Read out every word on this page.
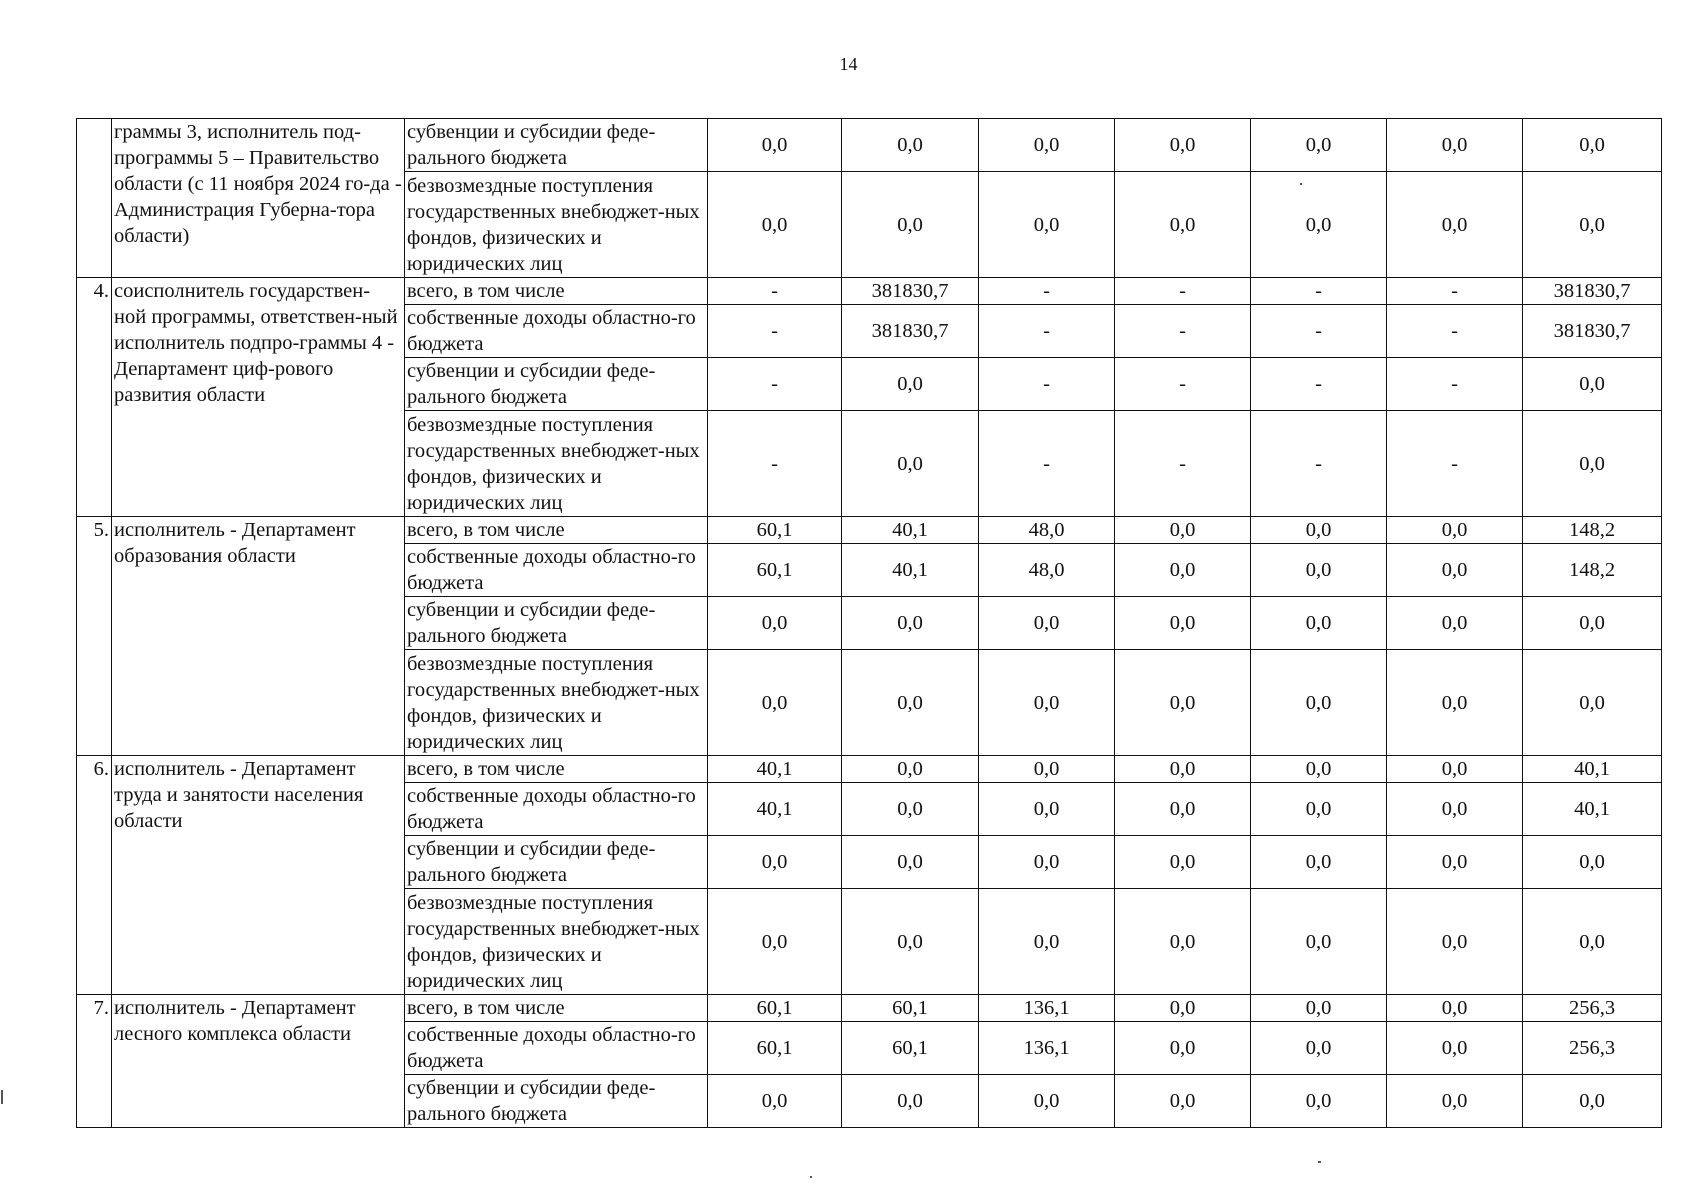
14
	граммы 3, исполнитель под-программы 5 – Правительство области (с 11 ноября 2024 го-да - Администрация Губерна-тора области)	субвенции и субсидии феде-рального бюджета	0,0	0,0	0,0	0,0	0,0	0,0	0,0
		безвозмездные поступления государственных внебюджет-ных фондов, физических и юридических лиц	0,0	0,0	0,0	0,0	0,0	0,0	0,0
4.	соисполнитель государствен-ной программы, ответствен-ный исполнитель подпро-граммы 4 - Департамент циф-рового развития области	всего, в том числе	-	381830,7	-	-	-	-	381830,7
		собственные доходы областно-го бюджета	-	381830,7	-	-	-	-	381830,7
		субвенции и субсидии феде-рального бюджета	-	0,0	-	-	-	-	0,0
		безвозмездные поступления государственных внебюджет-ных фондов, физических и юридических лиц	-	0,0	-	-	-	-	0,0
5.	исполнитель - Департамент образования области	всего, в том числе	60,1	40,1	48,0	0,0	0,0	0,0	148,2
		собственные доходы областно-го бюджета	60,1	40,1	48,0	0,0	0,0	0,0	148,2
		субвенции и субсидии феде-рального бюджета	0,0	0,0	0,0	0,0	0,0	0,0	0,0
		безвозмездные поступления государственных внебюджет-ных фондов, физических и юридических лиц	0,0	0,0	0,0	0,0	0,0	0,0	0,0
6.	исполнитель - Департамент труда и занятости населения области	всего, в том числе	40,1	0,0	0,0	0,0	0,0	0,0	40,1
		собственные доходы областно-го бюджета	40,1	0,0	0,0	0,0	0,0	0,0	40,1
		субвенции и субсидии феде-рального бюджета	0,0	0,0	0,0	0,0	0,0	0,0	0,0
		безвозмездные поступления государственных внебюджет-ных фондов, физических и юридических лиц	0,0	0,0	0,0	0,0	0,0	0,0	0,0
7.	исполнитель - Департамент лесного комплекса области	всего, в том числе	60,1	60,1	136,1	0,0	0,0	0,0	256,3
		собственные доходы областно-го бюджета	60,1	60,1	136,1	0,0	0,0	0,0	256,3
		субвенции и субсидии феде-рального бюджета	0,0	0,0	0,0	0,0	0,0	0,0	0,0
